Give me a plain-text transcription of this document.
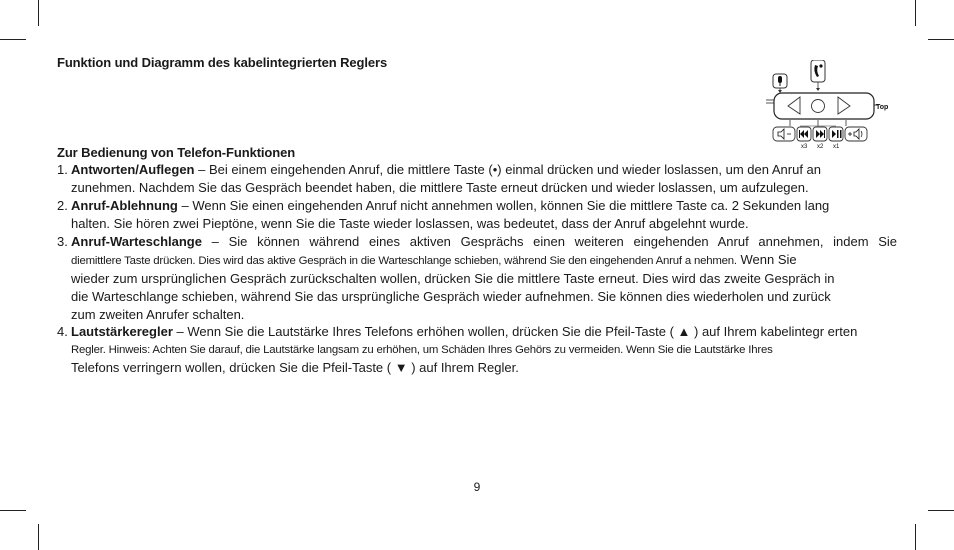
Funktion und Diagramm des kabelintegrierten Reglers
Top
x3 x2 x1
Zur Bedienung von Telefon-Funktionen
1. Antworten/Auflegen – Bei einem eingehenden Anruf, die mittlere Taste (•) einmal drücken und wieder loslassen, um den Anruf an
zunehmen. Nachdem Sie das Gespräch beendet haben, die mittlere Taste erneut drücken und wieder loslassen, um aufzulegen.
2. Anruf-Ablehnung – Wenn Sie einen eingehenden Anruf nicht annehmen wollen, können Sie die mittlere Taste ca. 2 Sekunden lang
halten. Sie hören zwei Pieptöne, wenn Sie die Taste wieder loslassen, was bedeutet, dass der Anruf abgelehnt wurde.
3. Anruf-Warteschlange – Sie können während eines aktiven Gesprächs einen weiteren eingehenden Anruf annehmen, indem Sie
diemittlere Taste drücken. Dies wird das aktive Gespräch in die Warteschlange schieben, während Sie den eingehenden Anruf a nehmen. Wenn Sie
wieder zum ursprünglichen Gespräch zurückschalten wollen, drücken Sie die mittlere Taste erneut. Dies wird das zweite Gespräch in
die Warteschlange schieben, während Sie das ursprüngliche Gespräch wieder aufnehmen. Sie können dies wiederholen und zurück
zum zweiten Anrufer schalten.
4. Lautstärkeregler – Wenn Sie die Lautstärke Ihres Telefons erhöhen wollen, drücken Sie die Pfeil-Taste ( ▲ ) auf Ihrem kabelintegr erten
Regler. Hinweis: Achten Sie darauf, die Lautstärke langsam zu erhöhen, um Schäden Ihres Gehörs zu vermeiden. Wenn Sie die Lautstärke Ihres
Telefons verringern wollen, drücken Sie die Pfeil-Taste ( ▼ ) auf Ihrem Regler.
9
